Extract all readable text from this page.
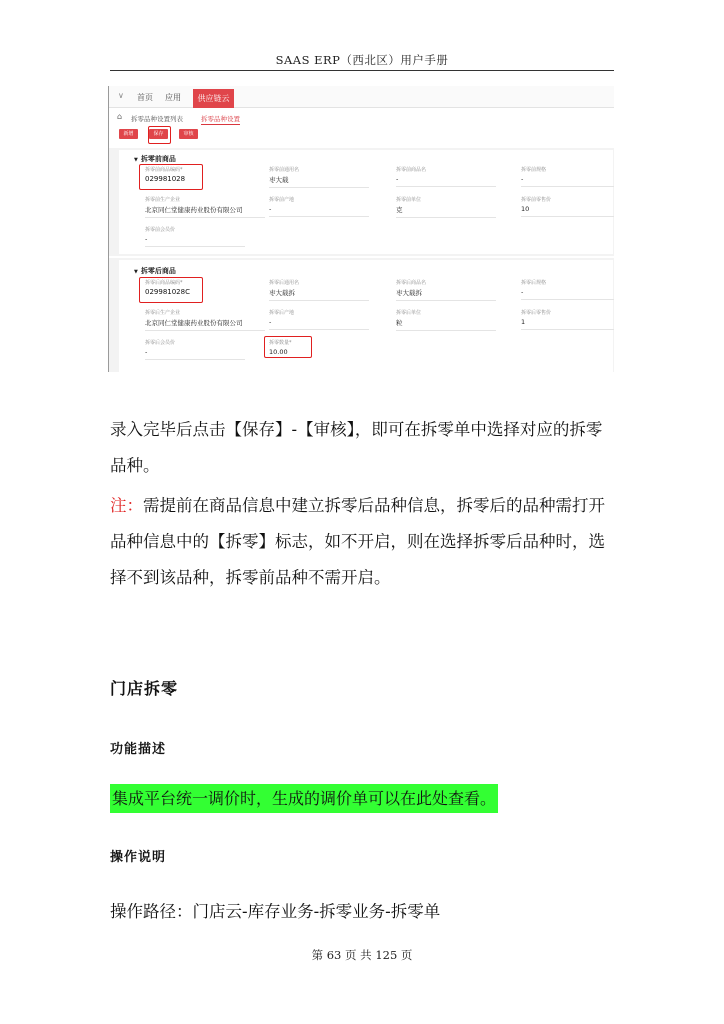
SAAS ERP（西北区）用户手册
∨ 首页 应用	供应链云
⌂ 拆零品种设置列表	拆零品种设置
新增	保存	审核
▼ 拆零前商品
拆零前商品编码*
029981028
拆零前通用名
枣大载
拆零前商品名
-
拆零前规格
-
拆零前生产企业
北京同仁堂健康药业股份有限公司
拆零前产地
-
拆零前单位
克
拆零前零售价
10
拆零前会员价
-
▼ 拆零后商品
拆零后商品编码*
029981028C
拆零后通用名
枣大载拆
拆零后商品名
枣大载拆
拆零后规格
-
拆零后生产企业
北京同仁堂健康药业股份有限公司
拆零后产地
-
拆零后单位
粒
拆零后零售价
1
拆零后会员价
-
拆零数量*
10.00
录入完毕后点击【保存】-【审核】，即可在拆零单中选择对应的拆零
品种。
注：需提前在商品信息中建立拆零后品种信息，拆零后的品种需打开
品种信息中的【拆零】标志，如不开启，则在选择拆零后品种时，选
择不到该品种，拆零前品种不需开启。
门店拆零
功能描述
集成平台统一调价时，生成的调价单可以在此处查看。
操作说明
操作路径：门店云-库存业务-拆零业务-拆零单
第 63 页 共 125 页
